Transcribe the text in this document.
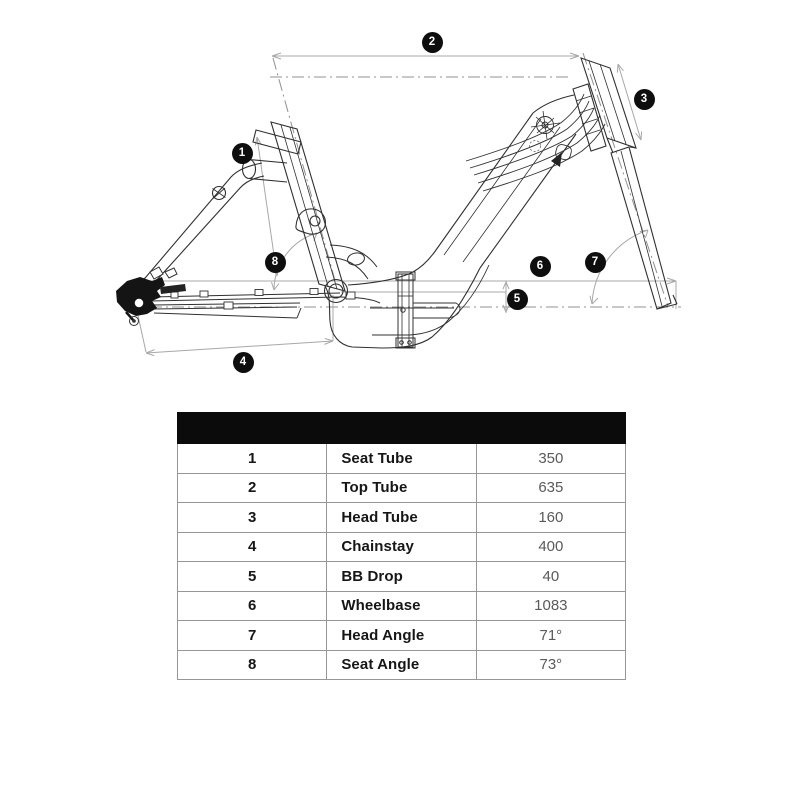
1
2
3
4
5
6	7
8

1	Seat Tube	350
2	Top Tube	635
3	Head Tube	160
4	Chainstay	400
5	BB Drop	40
6	Wheelbase	1083
7	Head Angle	71°
8	Seat Angle	73°
